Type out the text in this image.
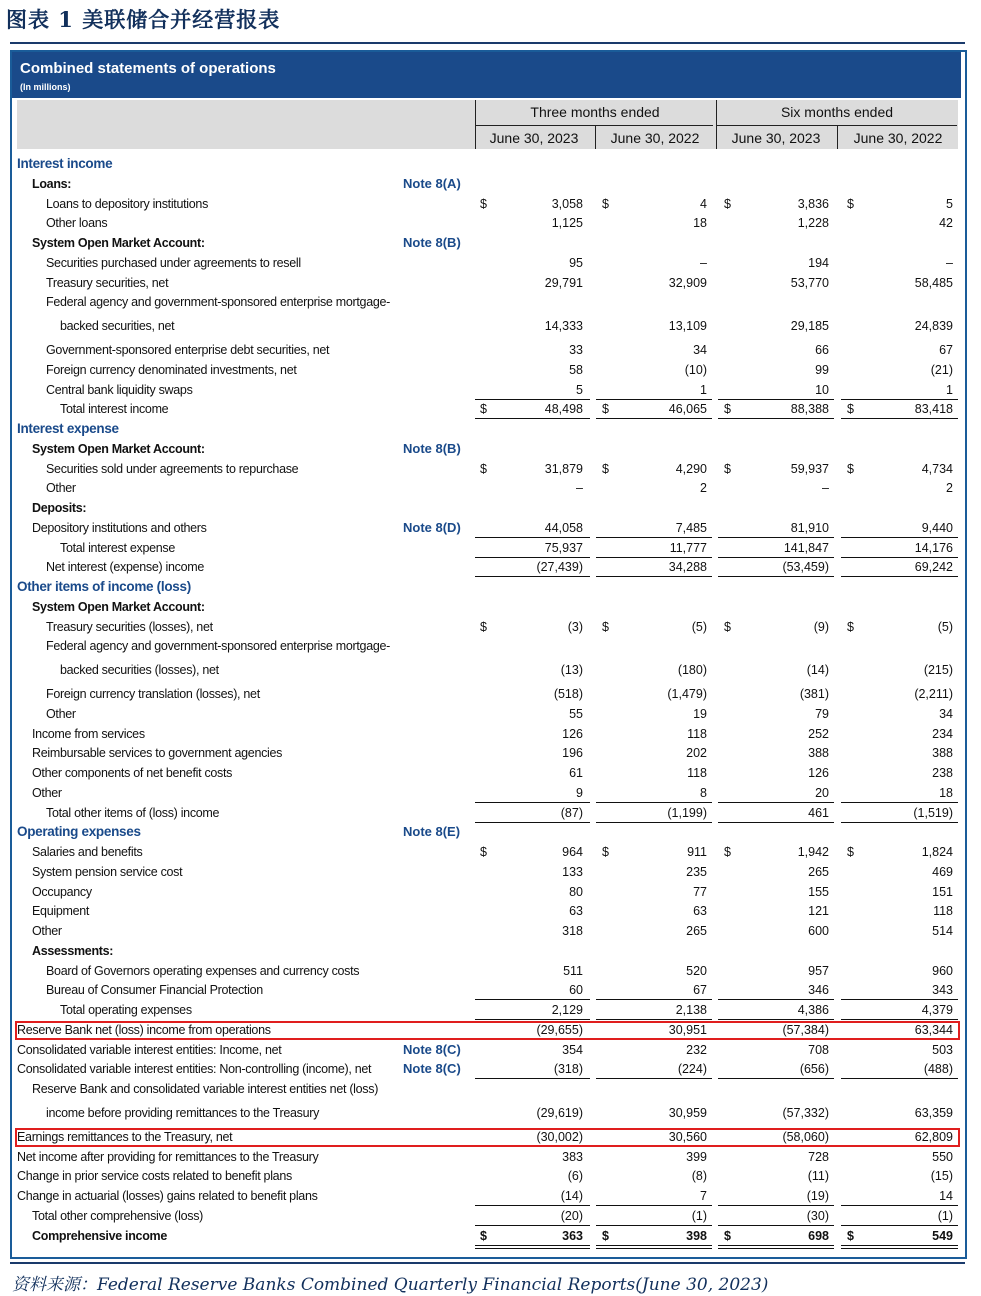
图表 1 美联储合并经营报表
Combined statements of operations
(In millions)
Three months ended	Six months ended
June 30, 2023	June 30, 2022	June 30, 2023	June 30, 2022
Interest income
Loans:	Note 8(A)
Loans to depository institutions	$	3,058 $	4 $	3,836 $	5
Other loans	1,125	18	1,228	42
System Open Market Account:	Note 8(B)
Securities purchased under agreements to resell	95	–	194	–
Treasury securities, net	29,791	32,909	53,770	58,485
Federal agency and government-sponsored enterprise mortgage-
backed securities, net	14,333	13,109	29,185	24,839
Government-sponsored enterprise debt securities, net	33	34	66	67
Foreign currency denominated investments, net	58	(10)	99	(21)
Central bank liquidity swaps	5	1	10	1
Total interest income	$	48,498 $	46,065 $	88,388 $	83,418
Interest expense
System Open Market Account:	Note 8(B)
Securities sold under agreements to repurchase	$	31,879 $	4,290 $	59,937 $	4,734
Other	–	2	–	2
Deposits:
Depository institutions and others	Note 8(D)	44,058	7,485	81,910	9,440
Total interest expense	75,937	11,777	141,847	14,176
Net interest (expense) income	(27,439)	34,288	(53,459)	69,242
Other items of income (loss)
System Open Market Account:
Treasury securities (losses), net	$	(3) $	(5) $	(9) $	(5)
Federal agency and government-sponsored enterprise mortgage-
backed securities (losses), net	(13)	(180)	(14)	(215)
Foreign currency translation (losses), net	(518)	(1,479)	(381)	(2,211)
Other	55	19	79	34
Income from services	126	118	252	234
Reimbursable services to government agencies	196	202	388	388
Other components of net benefit costs	61	118	126	238
Other	9	8	20	18
Total other items of (loss) income	(87)	(1,199)	461	(1,519)
Operating expenses	Note 8(E)
Salaries and benefits	$	964 $	911 $	1,942 $	1,824
System pension service cost	133	235	265	469
Occupancy	80	77	155	151
Equipment	63	63	121	118
Other	318	265	600	514
Assessments:
Board of Governors operating expenses and currency costs	511	520	957	960
Bureau of Consumer Financial Protection	60	67	346	343
Total operating expenses	2,129	2,138	4,386	4,379
Reserve Bank net (loss) income from operations	(29,655)	30,951	(57,384)	63,344
Consolidated variable interest entities: Income, net	Note 8(C)	354	232	708	503
Consolidated variable interest entities: Non-controlling (income), net Note 8(C)	(318)	(224)	(656)	(488)
Reserve Bank and consolidated variable interest entities net (loss)
income before providing remittances to the Treasury	(29,619)	30,959	(57,332)	63,359
Earnings remittances to the Treasury, net	(30,002)	30,560	(58,060)	62,809
Net income after providing for remittances to the Treasury	383	399	728	550
Change in prior service costs related to benefit plans	(6)	(8)	(11)	(15)
Change in actuarial (losses) gains related to benefit plans	(14)	7	(19)	14
Total other comprehensive (loss)	(20)	(1)	(30)	(1)
Comprehensive income	$	363 $	398 $	698 $	549
资料来源：Federal Reserve Banks Combined Quarterly Financial Reports(June 30, 2023)
